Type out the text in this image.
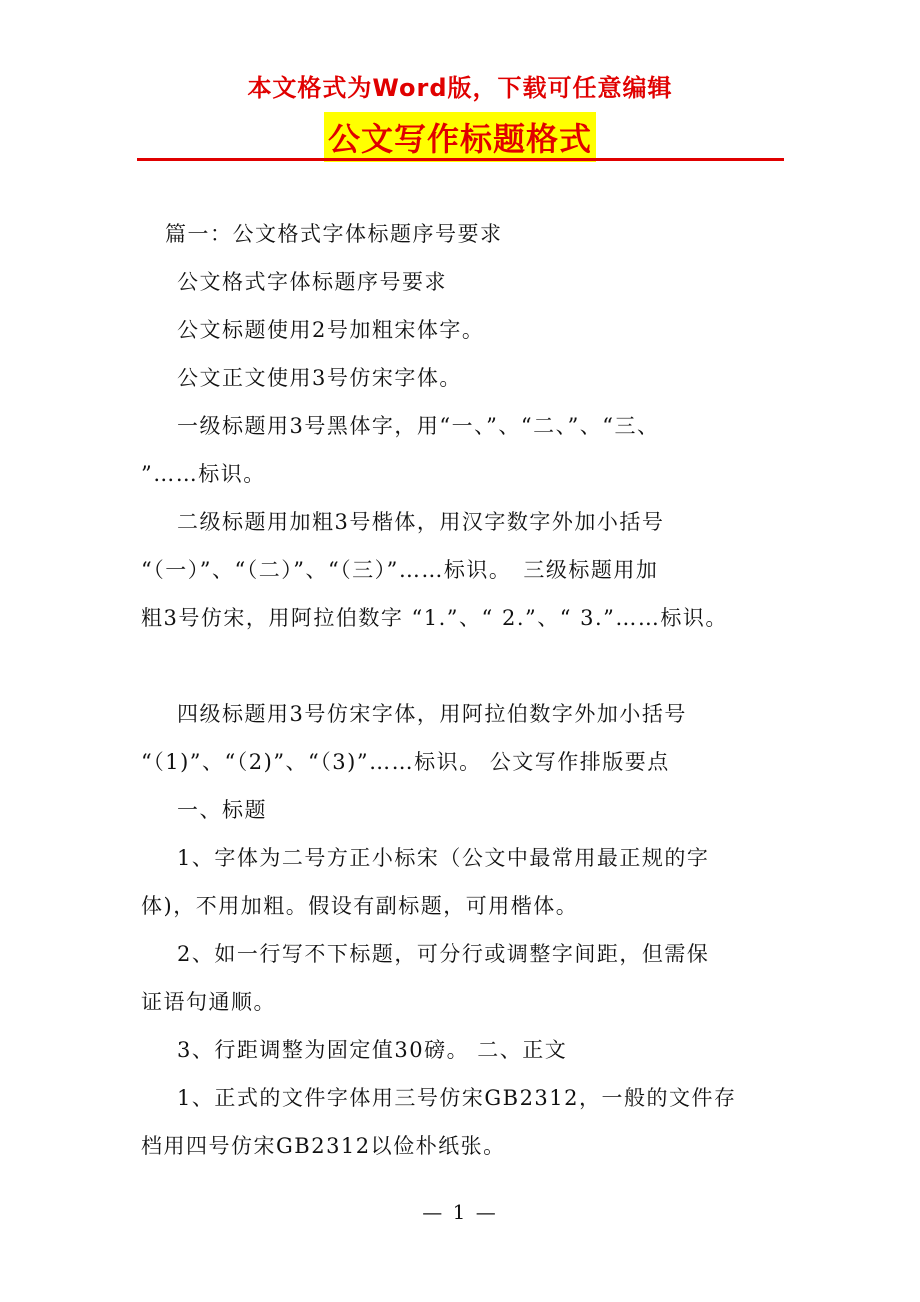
本文格式为Word版，下载可任意编辑
公文写作标题格式

篇一：公文格式字体标题序号要求

公文格式字体标题序号要求

公文标题使用2号加粗宋体字。

公文正文使用3号仿宋字体。

一级标题用3号黑体字，用“一、”、“二、”、“三、

”……标识。

二级标题用加粗3号楷体，用汉字数字外加小括号

“（一）”、“（二）”、“（三）”……标识。　三级标题用加

粗3号仿宋，用阿拉伯数字 “1.”、“ 2.”、“ 3.”……标识。

四级标题用3号仿宋字体，用阿拉伯数字外加小括号

“（1)”、“（2)”、“（3)”……标识。 公文写作排版要点

一、标题

1、字体为二号方正小标宋（公文中最常用最正规的字

体)，不用加粗。假设有副标题，可用楷体。

2、如一行写不下标题，可分行或调整字间距，但需保

证语句通顺。

3、行距调整为固定值30磅。 二、正文

1、正式的文件字体用三号仿宋GB2312，一般的文件存

档用四号仿宋GB2312以俭朴纸张。

— 1 —
